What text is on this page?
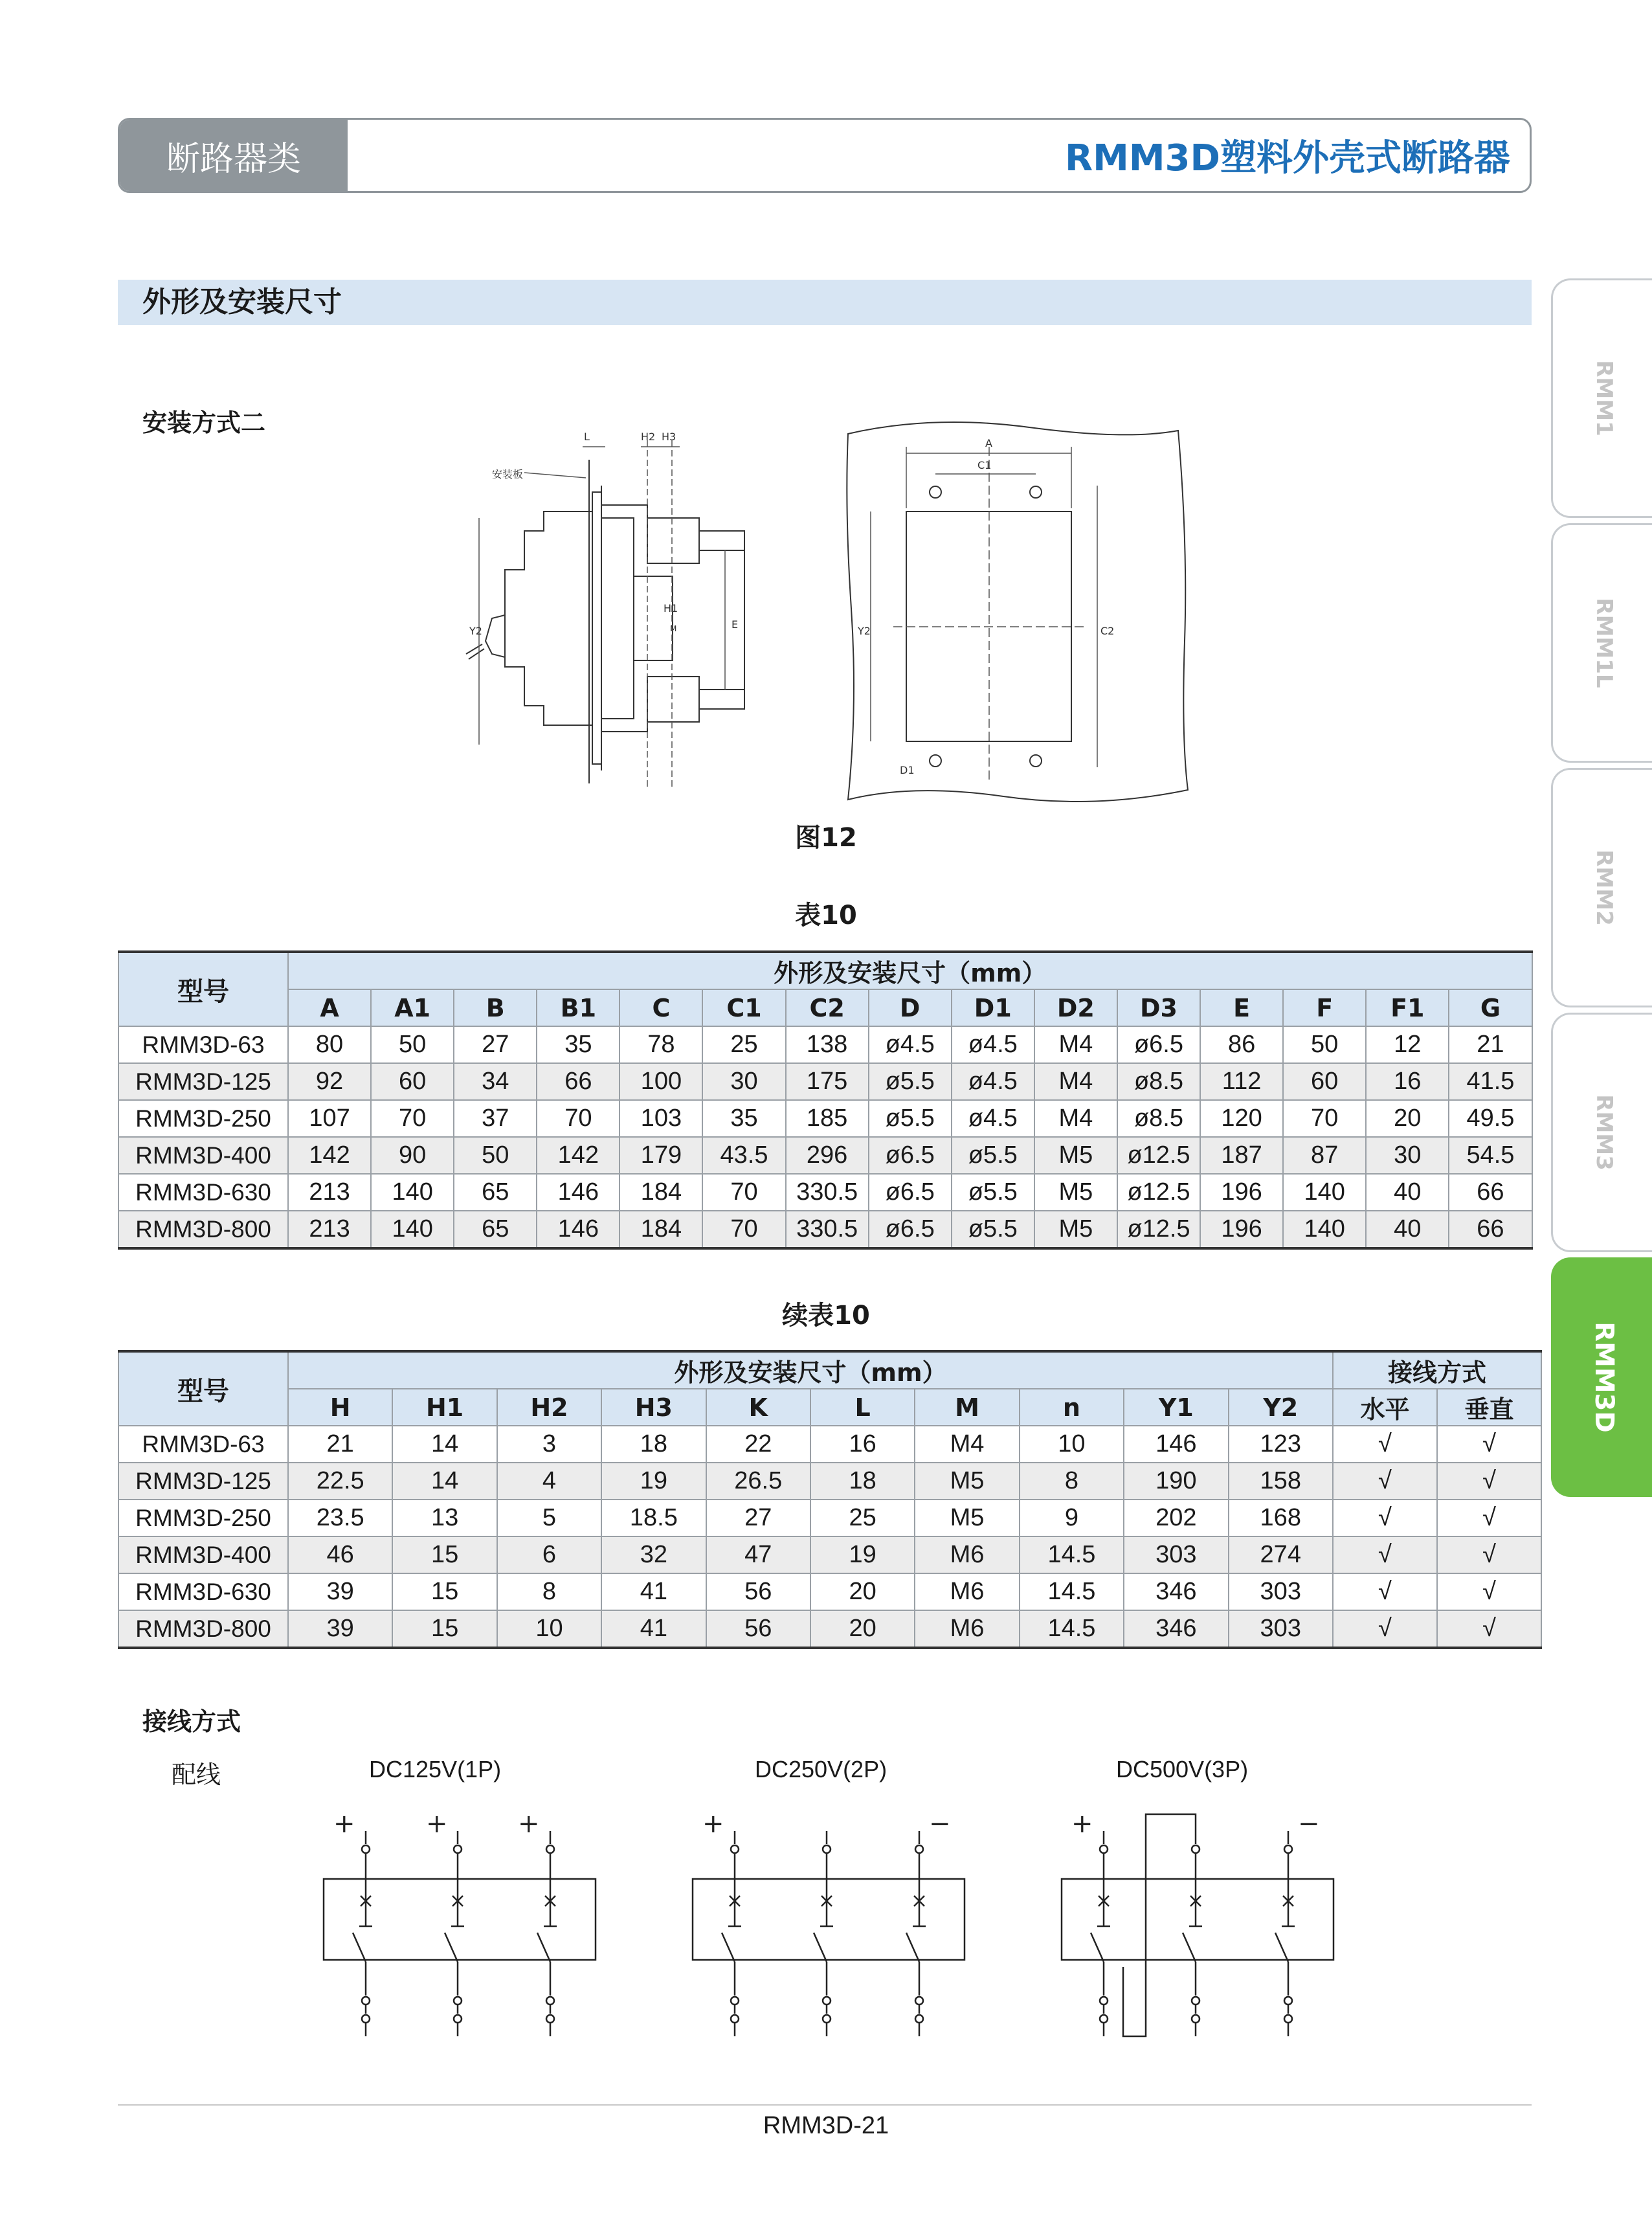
断路器类	RMM3D塑料外壳式断路器
外形及安装尺寸
RMM1
RMM1L
RMM2
RMM3
RMM3D
安装方式二
安装板
L	H2 H3
H1
M	E
Y2
A
C1
C2
Y2
D1
图12
表10
型号	外形及安装尺寸（mm）														
	A	A1	B	B1	C	C1	C2	D	D1	D2	D3	E	F	F1	G
RMM3D-63	80	50	27	35	78	25	138	ø4.5	ø4.5	M4	ø6.5	86	50	12	21
RMM3D-125	92	60	34	66	100	30	175	ø5.5	ø4.5	M4	ø8.5	112	60	16	41.5
RMM3D-250	107	70	37	70	103	35	185	ø5.5	ø4.5	M4	ø8.5	120	70	20	49.5
RMM3D-400	142	90	50	142	179	43.5	296	ø6.5	ø5.5	M5	ø12.5	187	87	30	54.5
RMM3D-630	213	140	65	146	184	70	330.5	ø6.5	ø5.5	M5	ø12.5	196	140	40	66
RMM3D-800	213	140	65	146	184	70	330.5	ø6.5	ø5.5	M5	ø12.5	196	140	40	66
续表10
型号	外形及安装尺寸（mm）										接线方式	
	H	H1	H2	H3	K	L	M	n	Y1	Y2	水平	垂直
RMM3D-63	21	14	3	18	22	16	M4	10	146	123	√	√
RMM3D-125	22.5	14	4	19	26.5	18	M5	8	190	158	√	√
RMM3D-250	23.5	13	5	18.5	27	25	M5	9	202	168	√	√
RMM3D-400	46	15	6	32	47	19	M6	14.5	303	274	√	√
RMM3D-630	39	15	8	41	56	20	M6	14.5	346	303	√	√
RMM3D-800	39	15	10	41	56	20	M6	14.5	346	303	√	√
接线方式
配线	DC125V(1P)	DC250V(2P)	DC500V(3P)
+	+	+	+	−	+	−
RMM3D-21
